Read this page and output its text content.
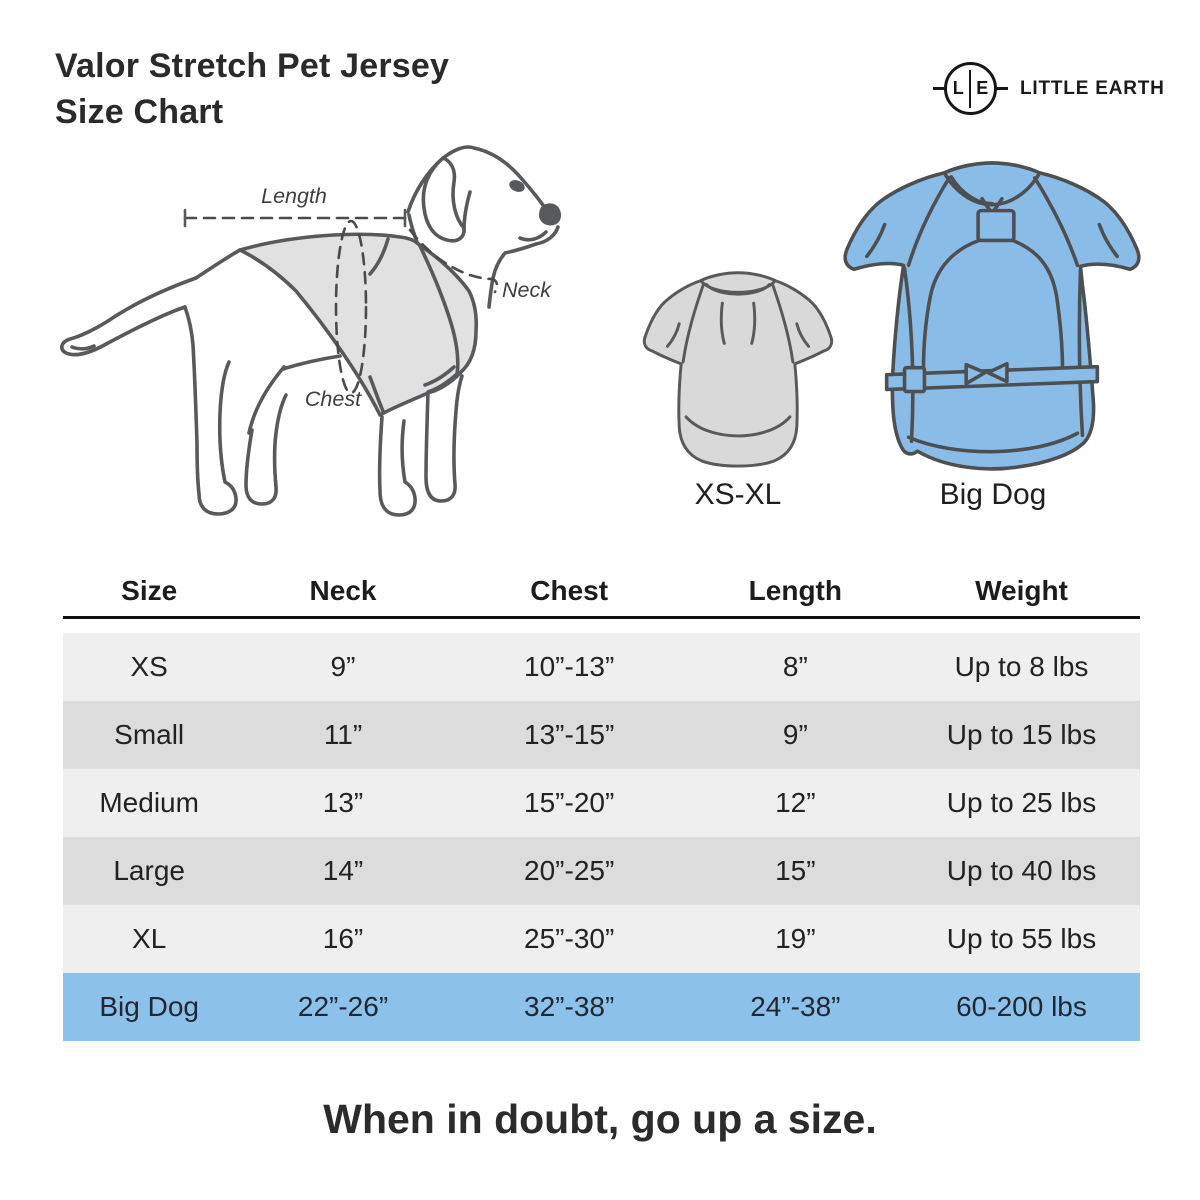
Valor Stretch Pet Jersey
Size Chart
L E LITTLE EARTH
Length
Neck
Chest
XS-XL	Big Dog
Size	Neck	Chest	Length	Weight
XS	9”	10”-13”	8”	Up to 8 lbs
Small	11”	13”-15”	9”	Up to 15 lbs
Medium	13”	15”-20”	12”	Up to 25 lbs
Large	14”	20”-25”	15”	Up to 40 lbs
XL	16”	25”-30”	19”	Up to 55 lbs
Big Dog	22”-26”	32”-38”	24”-38”	60-200 lbs
When in doubt, go up a size.
